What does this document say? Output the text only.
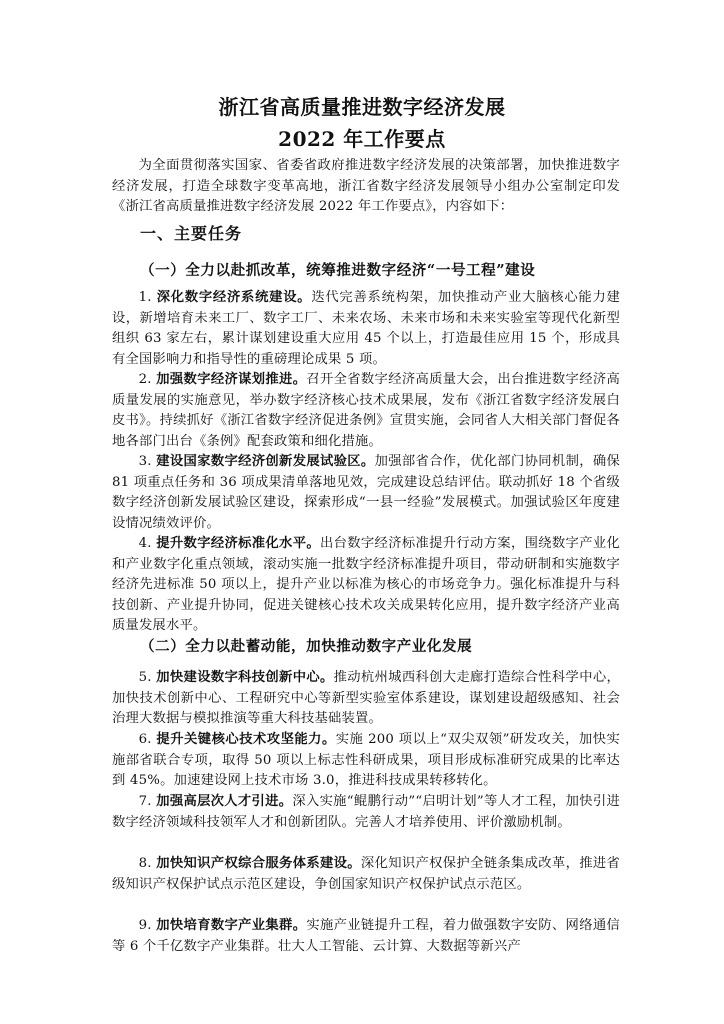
浙江省高质量推进数字经济发展
2022 年工作要点

为全面贯彻落实国家、省委省政府推进数字经济发展的决策部署，加快推进数字经济发展，打造全球数字变革高地，浙江省数字经济发展领导小组办公室制定印发《浙江省高质量推进数字经济发展 2022 年工作要点》，内容如下：

一、主要任务
（一）全力以赴抓改革，统筹推进数字经济“一号工程”建设

1. 深化数字经济系统建设。迭代完善系统构架，加快推动产业大脑核心能力建设，新增培育未来工厂、数字工厂、未来农场、未来市场和未来实验室等现代化新型组织 63 家左右，累计谋划建设重大应用 45 个以上，打造最佳应用 15 个，形成具有全国影响力和指导性的重磅理论成果 5 项。

2. 加强数字经济谋划推进。召开全省数字经济高质量大会，出台推进数字经济高质量发展的实施意见，举办数字经济核心技术成果展，发布《浙江省数字经济发展白皮书》。持续抓好《浙江省数字经济促进条例》宣贯实施，会同省人大相关部门督促各地各部门出台《条例》配套政策和细化措施。

3. 建设国家数字经济创新发展试验区。加强部省合作，优化部门协同机制，确保 81 项重点任务和 36 项成果清单落地见效，完成建设总结评估。联动抓好 18 个省级数字经济创新发展试验区建设，探索形成“一县一经验”发展模式。加强试验区年度建设情况绩效评价。

4. 提升数字经济标准化水平。出台数字经济标准提升行动方案，围绕数字产业化和产业数字化重点领域，滚动实施一批数字经济标准提升项目，带动研制和实施数字经济先进标准 50 项以上，提升产业以标准为核心的市场竞争力。强化标准提升与科技创新、产业提升协同，促进关键核心技术攻关成果转化应用，提升数字经济产业高质量发展水平。

（二）全力以赴蓄动能，加快推动数字产业化发展

5. 加快建设数字科技创新中心。推动杭州城西科创大走廊打造综合性科学中心，加快技术创新中心、工程研究中心等新型实验室体系建设，谋划建设超级感知、社会治理大数据与模拟推演等重大科技基础装置。

6. 提升关键核心技术攻坚能力。实施 200 项以上“双尖双领”研发攻关，加快实施部省联合专项，取得 50 项以上标志性科研成果，项目形成标准研究成果的比率达到 45%。加速建设网上技术市场 3.0，推进科技成果转移转化。

7. 加强高层次人才引进。深入实施“鲲鹏行动”“启明计划”等人才工程，加快引进数字经济领域科技领军人才和创新团队。完善人才培养使用、评价激励机制。

8. 加快知识产权综合服务体系建设。深化知识产权保护全链条集成改革，推进省级知识产权保护试点示范区建设，争创国家知识产权保护试点示范区。

9. 加快培育数字产业集群。实施产业链提升工程，着力做强数字安防、网络通信等 6 个千亿数字产业集群。壮大人工智能、云计算、大数据等新兴产
